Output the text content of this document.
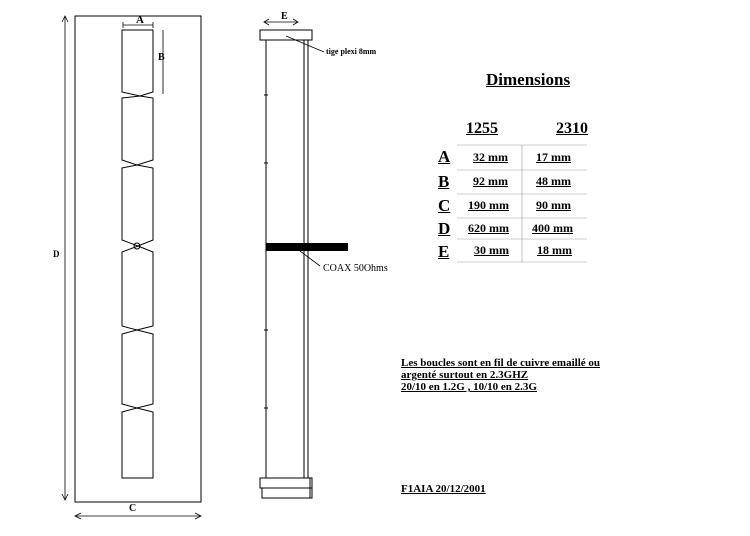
A
B
D
C
E
tige plexi 8mm
COAX 50Ohms
Dimensions
1255	2310
A 32 mm 17 mm
B 92 mm 48 mm
C 190 mm 90 mm
D 620 mm 400 mm
E 30 mm 18 mm
Les boucles sont en fil de cuivre emaillé ou
argenté surtout en 2.3GHZ
20/10 en 1.2G , 10/10 en 2.3G
F1AIA 20/12/2001
